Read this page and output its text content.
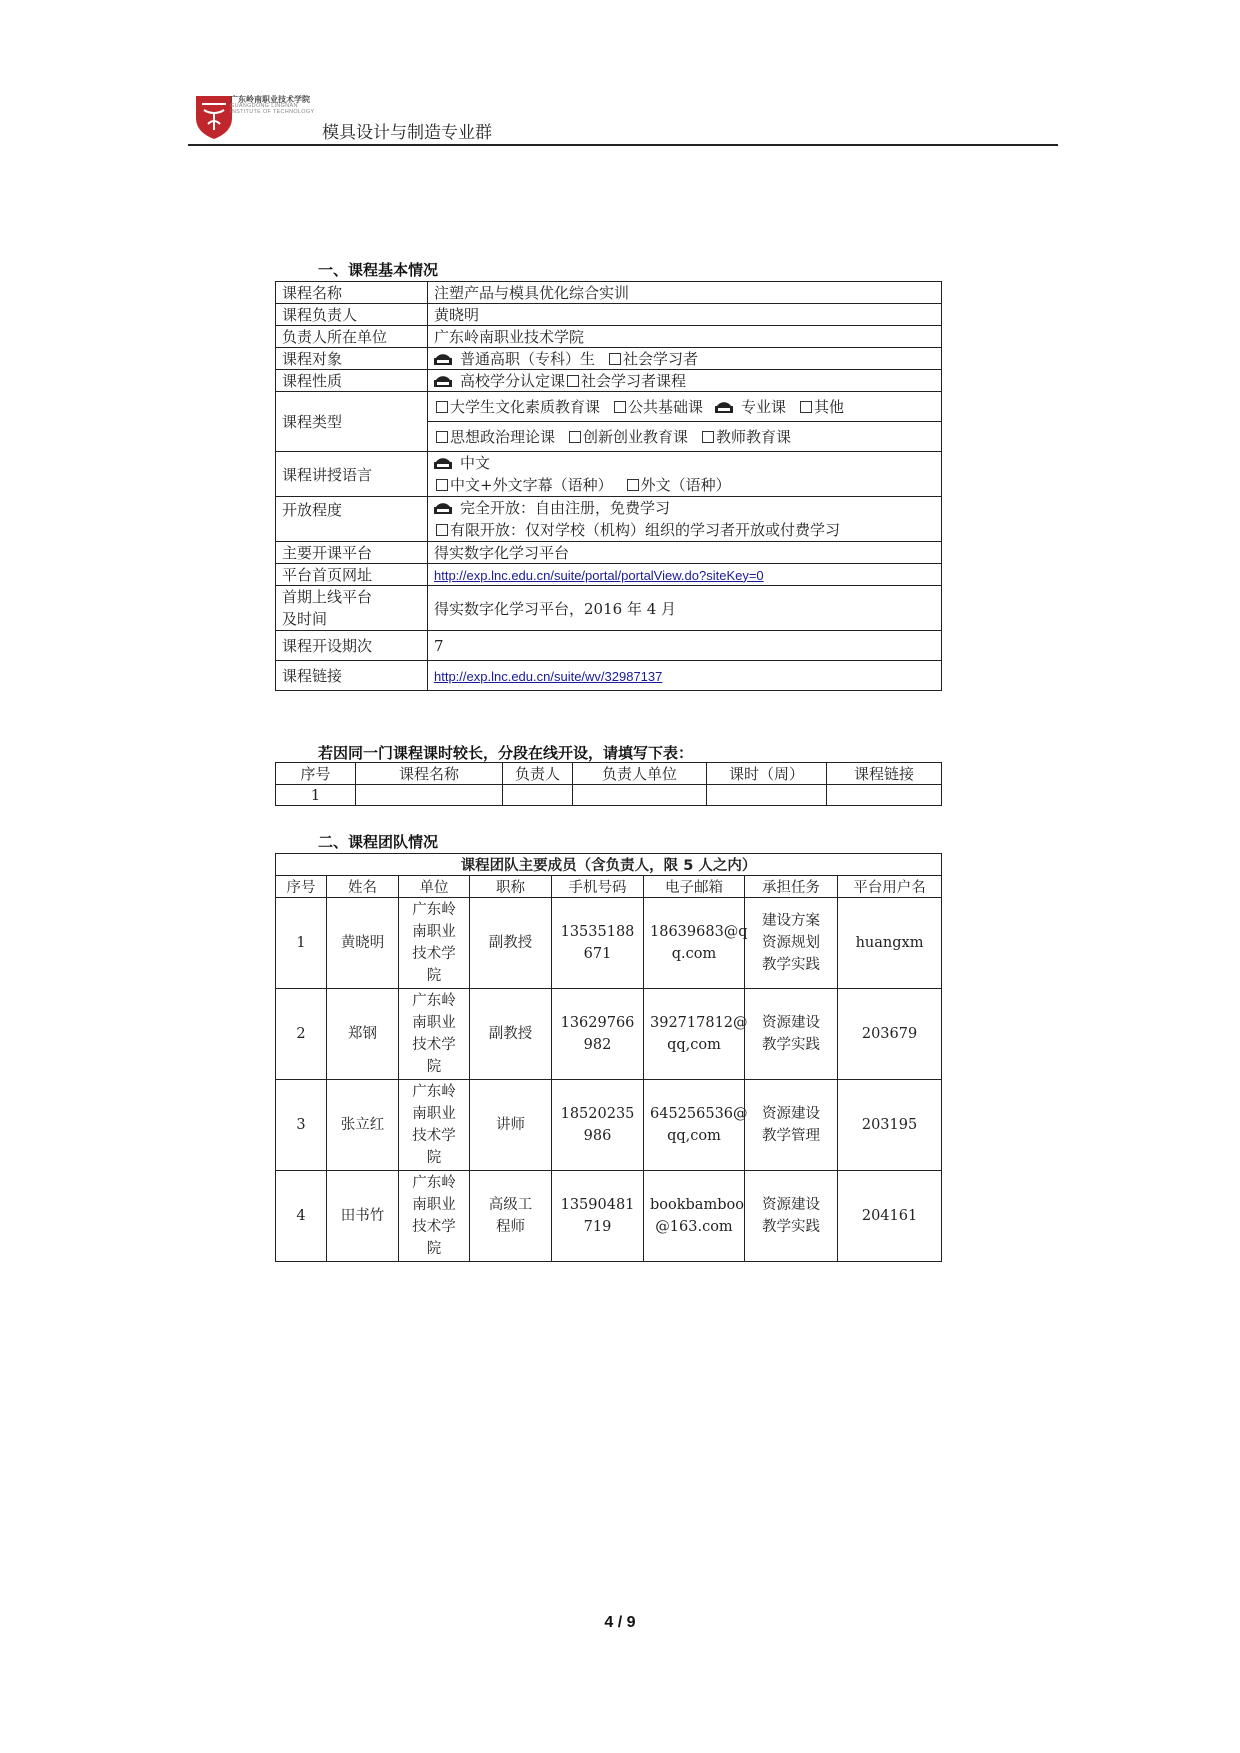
广东岭南职业技术学院
GUANGDONG LINGNAN
INSTITUTE OF TECHNOLOGY
模具设计与制造专业群
一、课程基本情况
课程名称	注塑产品与模具优化综合实训
课程负责人	黄晓明
负责人所在单位	广东岭南职业技术学院
课程对象	普通高职（专科）生 社会学习者
课程性质	高校学分认定课 社会学习者课程
课程类型	大学生文化素质教育课 公共基础课 专业课 其他
	思想政治理论课 创新创业教育课 教师教育课
课程讲授语言	中文
中文+外文字幕（语种） 外文（语种）
开放程度	完全开放：自由注册，免费学习
有限开放：仅对学校（机构）组织的学习者开放或付费学习
主要开课平台	得实数字化学习平台
平台首页网址	http://exp.lnc.edu.cn/suite/portal/portalView.do?siteKey=0
首期上线平台
及时间	得实数字化学习平台，2016 年 4 月
课程开设期次	7
课程链接	http://exp.lnc.edu.cn/suite/wv/32987137
若因同一门课程课时较长，分段在线开设，请填写下表：
序号	课程名称	负责人	负责人单位	课时（周）	课程链接
1					
二、课程团队情况
课程团队主要成员（含负责人，限 5 人之内）							
序号	姓名	单位	职称	手机号码	电子邮箱	承担任务	平台用户名
1	黄晓明	广东岭
南职业
技术学
院	副教授	13535188
671	18639683@q
q.com	建设方案
资源规划
教学实践	huangxm
2	郑钢	广东岭
南职业
技术学
院	副教授	13629766
982	392717812@
qq,com	资源建设
教学实践	203679
3	张立红	广东岭
南职业
技术学
院	讲师	18520235
986	645256536@
qq,com	资源建设
教学管理	203195
4	田书竹	广东岭
南职业
技术学
院	高级工
程师	13590481
719	bookbamboo
@163.com	资源建设
教学实践	204161
4 / 9
